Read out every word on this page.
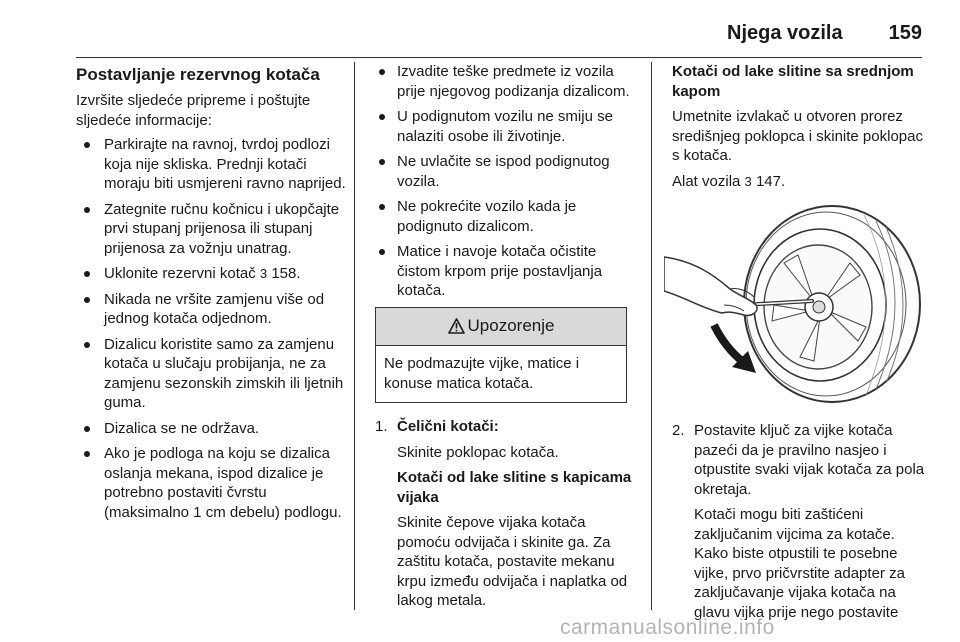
Njega vozila 159

Postavljanje rezervnog kotača

Izvršite sljedeće pripreme i poštujte sljedeće informacije:

Parkirajte na ravnoj, tvrdoj podlozi koja nije skliska. Prednji kotači moraju biti usmjereni ravno naprijed.
Zategnite ručnu kočnicu i ukopčajte prvi stupanj prijenosa ili stupanj prijenosa za vožnju unatrag.
Uklonite rezervni kotač 3 158.
Nikada ne vršite zamjenu više od jednog kotača odjednom.
Dizalicu koristite samo za zamjenu kotača u slučaju probijanja, ne za zamjenu sezonskih zimskih ili ljetnih guma.
Dizalica se ne održava.
Ako je podloga na koju se dizalica oslanja mekana, ispod dizalice je potrebno postaviti čvrstu (maksimalno 1 cm debelu) podlogu.
Izvadite teške predmete iz vozila prije njegovog podizanja dizalicom.
U podignutom vozilu ne smiju se nalaziti osobe ili životinje.
Ne uvlačite se ispod podignutog vozila.
Ne pokrećite vozilo kada je podignuto dizalicom.
Matice i navoje kotača očistite čistom krpom prije postavljanja kotača.
Upozorenje
Ne podmazujte vijke, matice i konuse matica kotača.
1. Čelični kotači:

Skinite poklopac kotača.

Kotači od lake slitine s kapicama vijaka

Skinite čepove vijaka kotača pomoću odvijača i skinite ga. Za zaštitu kotača, postavite mekanu krpu između odvijača i naplatka od lakog metala.

Kotači od lake slitine sa srednjom kapom

Umetnite izvlakač u otvoren prorez središnjeg poklopca i skinite poklopac s kotača.

Alat vozila 3 147.

2. Postavite ključ za vijke kotača pazeći da je pravilno nasjeo i otpustite svaki vijak kotača za pola okretaja.

Kotači mogu biti zaštićeni zaključanim vijcima za kotače. Kako biste otpustili te posebne vijke, prvo pričvrstite adapter za zaključavanje vijaka kotača na glavu vijka prije nego postavite

carmanualsonline.info
